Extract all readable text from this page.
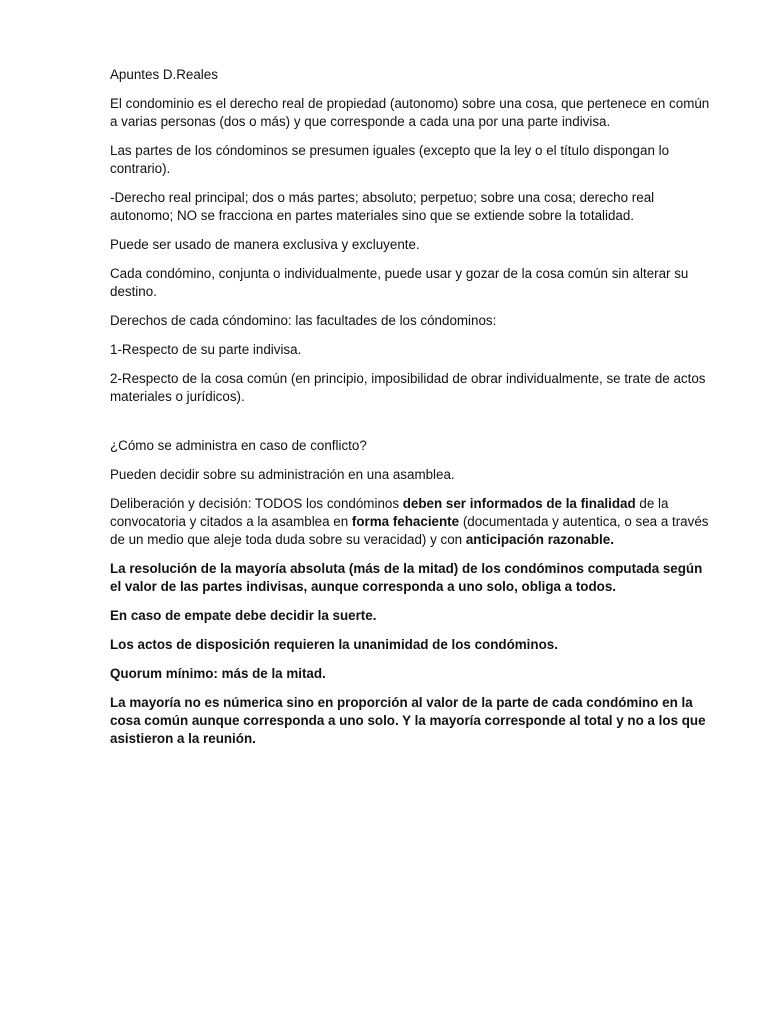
Apuntes D.Reales

El condominio es el derecho real de propiedad (autonomo) sobre una cosa, que pertenece en común a varias personas (dos o más) y que corresponde a cada una por una parte indivisa.

Las partes de los cóndominos se presumen iguales (excepto que la ley o el título dispongan lo contrario).

-Derecho real principal; dos o más partes; absoluto; perpetuo; sobre una cosa; derecho real autonomo; NO se fracciona en partes materiales sino que se extiende sobre la totalidad.

Puede ser usado de manera exclusiva y excluyente.

Cada condómino, conjunta o individualmente, puede usar y gozar de la cosa común sin alterar su destino.

Derechos de cada cóndomino: las facultades de los cóndominos:

1-Respecto de su parte indivisa.

2-Respecto de la cosa común (en principio, imposibilidad de obrar individualmente, se trate de actos materiales o jurídicos).

¿Cómo se administra en caso de conflicto?

Pueden decidir sobre su administración en una asamblea.

Deliberación y decisión: TODOS los condóminos deben ser informados de la finalidad de la convocatoria y citados a la asamblea en forma fehaciente (documentada y autentica, o sea a través de un medio que aleje toda duda sobre su veracidad) y con anticipación razonable.

La resolución de la mayoría absoluta (más de la mitad) de los condóminos computada según el valor de las partes indivisas, aunque corresponda a uno solo, obliga a todos.

En caso de empate debe decidir la suerte.

Los actos de disposición requieren la unanimidad de los condóminos.

Quorum mínimo: más de la mitad.

La mayoría no es númerica sino en proporción al valor de la parte de cada condómino en la cosa común aunque corresponda a uno solo. Y la mayoría corresponde al total y no a los que asistieron a la reunión.
